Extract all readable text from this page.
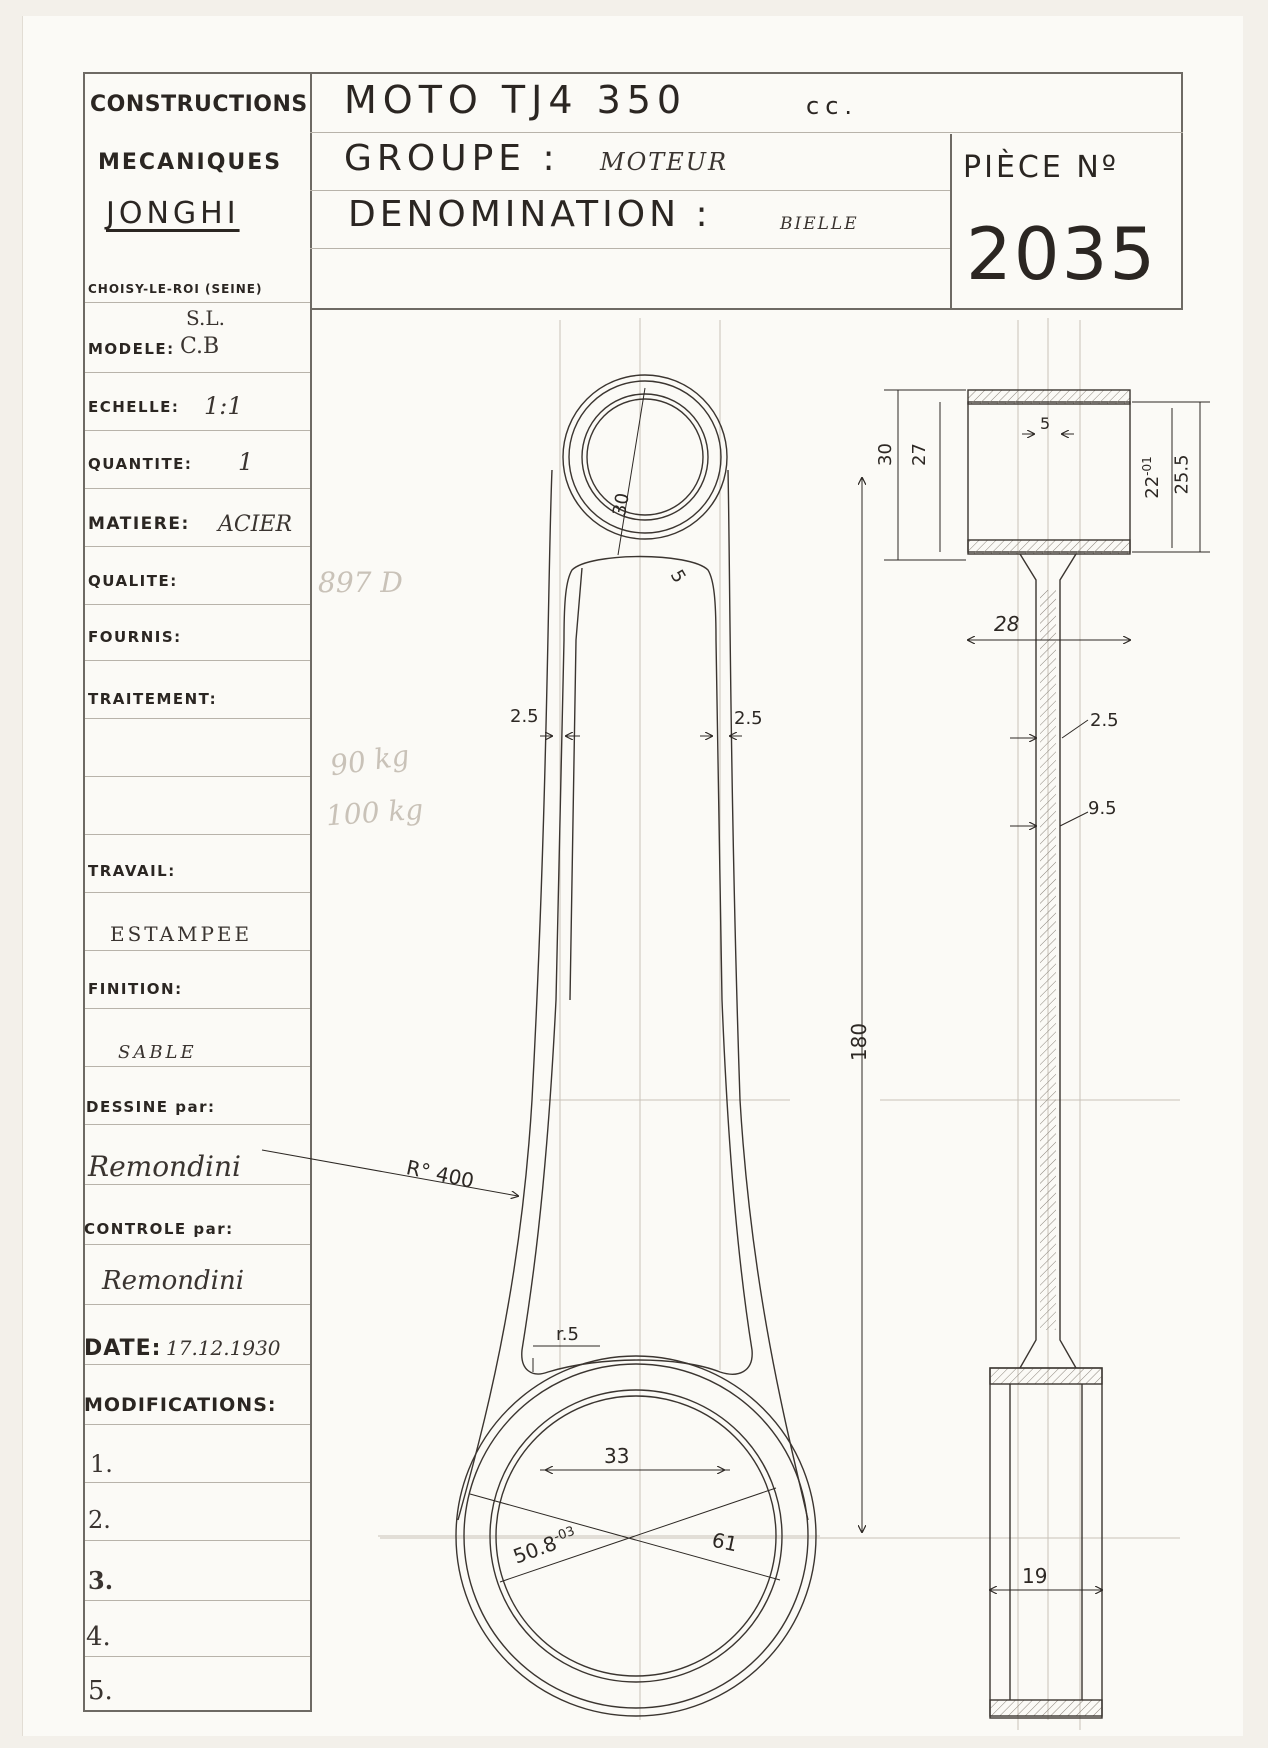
CONSTRUCTIONS
MECANIQUES
JONGHI
CHOISY-LE-ROI (SEINE)
MOTO TJ4 350	cc.
GROUPE : MOTEUR
DENOMINATION :	BIELLE
PIÈCE Nº
2035
S.L.
MODELE: C.B
ECHELLE: 1:1
QUANTITE: 1
MATIERE: ACIER
QUALITE:	897 D
FOURNIS:
TRAITEMENT:
90 kg
100 kg
TRAVAIL:
ESTAMPEE
FINITION:
SABLE
DESSINE par:
Remondini
CONTROLE par:
Remondini
DATE: 17.12.1930
MODIFICATIONS:
1.
2.
3.
4.
5.
30
5
2.5	2.5
R° 400
r.5
33
$50.8^{-03}$	61
180
30 27
5
$22^{-01}$ 25.5
28
2.5
9.5
19
